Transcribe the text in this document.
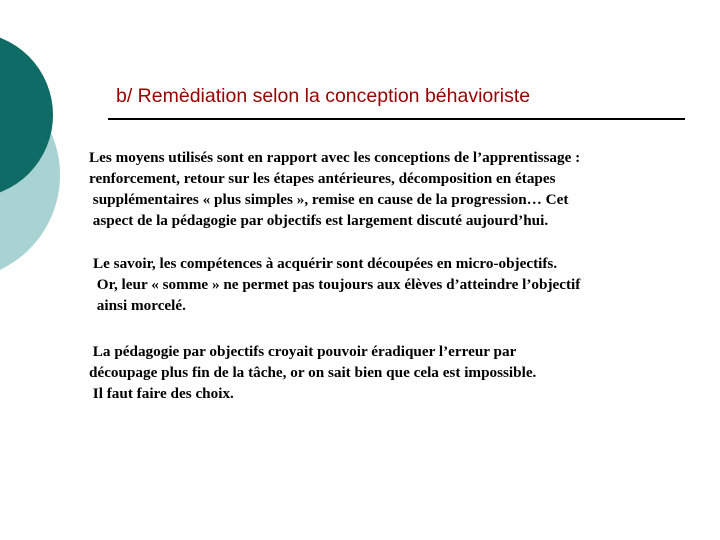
b/ Remèdiation selon la conception béhavioriste

Les moyens utilisés sont en rapport avec les conceptions de l’apprentissage :
renforcement, retour sur les étapes antérieures, décomposition en étapes
supplémentaires « plus simples », remise en cause de la progression… Cet
aspect de la pédagogie par objectifs est largement discuté aujourd’hui.

Le savoir, les compétences à acquérir sont découpées en micro-objectifs.
Or, leur « somme » ne permet pas toujours aux élèves d’atteindre l’objectif
ainsi morcelé.

La pédagogie par objectifs croyait pouvoir éradiquer l’erreur par
découpage plus fin de la tâche, or on sait bien que cela est impossible.
Il faut faire des choix.
